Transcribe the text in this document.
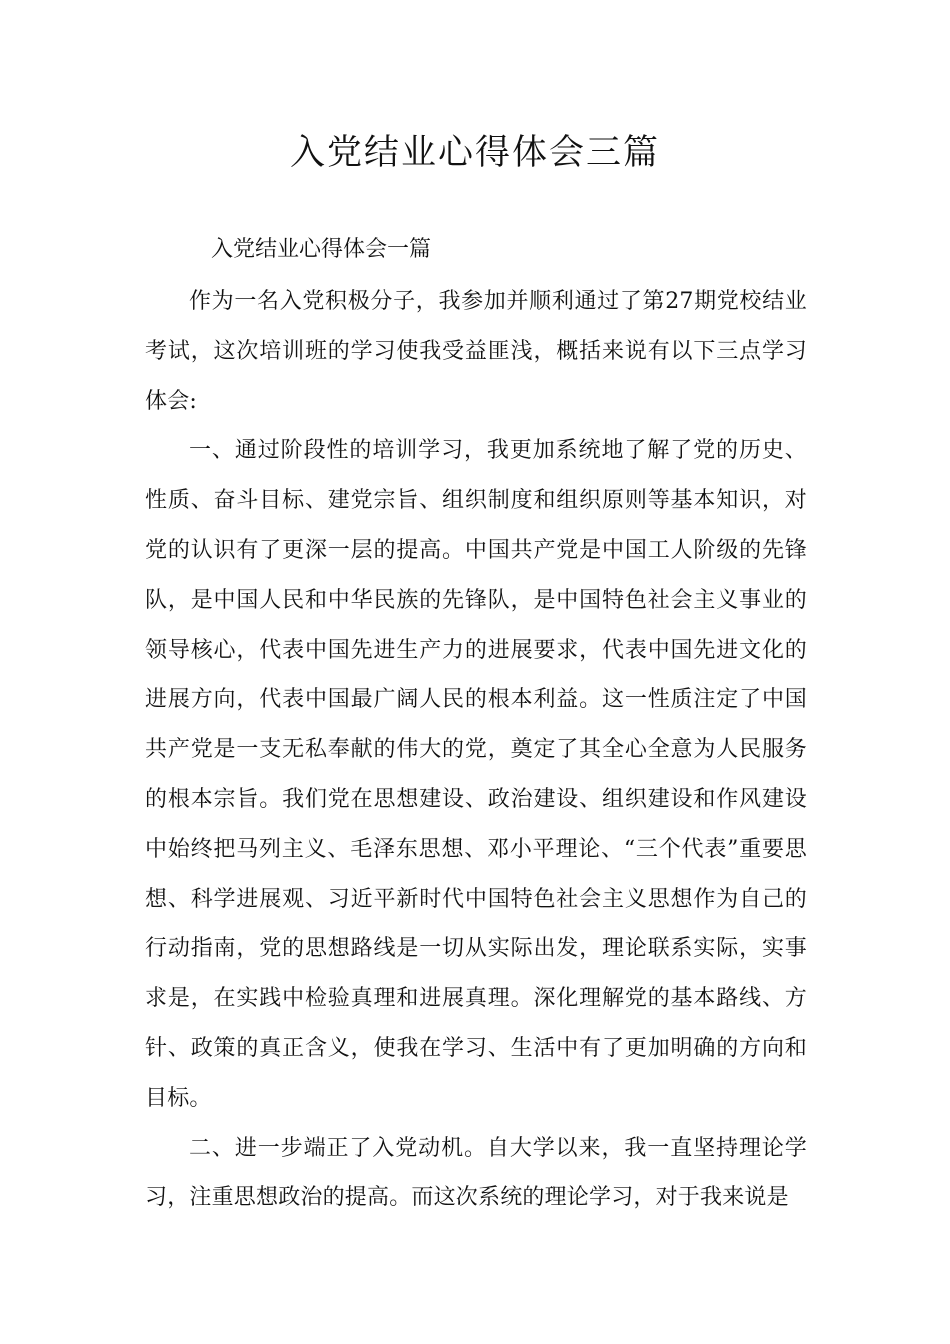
入党结业心得体会三篇

入党结业心得体会一篇

作为一名入党积极分子，我参加并顺利通过了第27期党校结业考试，这次培训班的学习使我受益匪浅，概括来说有以下三点学习体会:

一、通过阶段性的培训学习，我更加系统地了解了党的历史、性质、奋斗目标、建党宗旨、组织制度和组织原则等基本知识，对党的认识有了更深一层的提高。中国共产党是中国工人阶级的先锋队，是中国人民和中华民族的先锋队，是中国特色社会主义事业的领导核心，代表中国先进生产力的进展要求，代表中国先进文化的进展方向，代表中国最广阔人民的根本利益。这一性质注定了中国共产党是一支无私奉献的伟大的党，奠定了其全心全意为人民服务的根本宗旨。我们党在思想建设、政治建设、组织建设和作风建设中始终把马列主义、毛泽东思想、邓小平理论、“三个代表”重要思想、科学进展观、习近平新时代中国特色社会主义思想作为自己的行动指南，党的思想路线是一切从实际出发，理论联系实际，实事求是，在实践中检验真理和进展真理。深化理解党的基本路线、方针、政策的真正含义，使我在学习、生活中有了更加明确的方向和目标。

二、进一步端正了入党动机。自大学以来，我一直坚持理论学习，注重思想政治的提高。而这次系统的理论学习，对于我来说是
